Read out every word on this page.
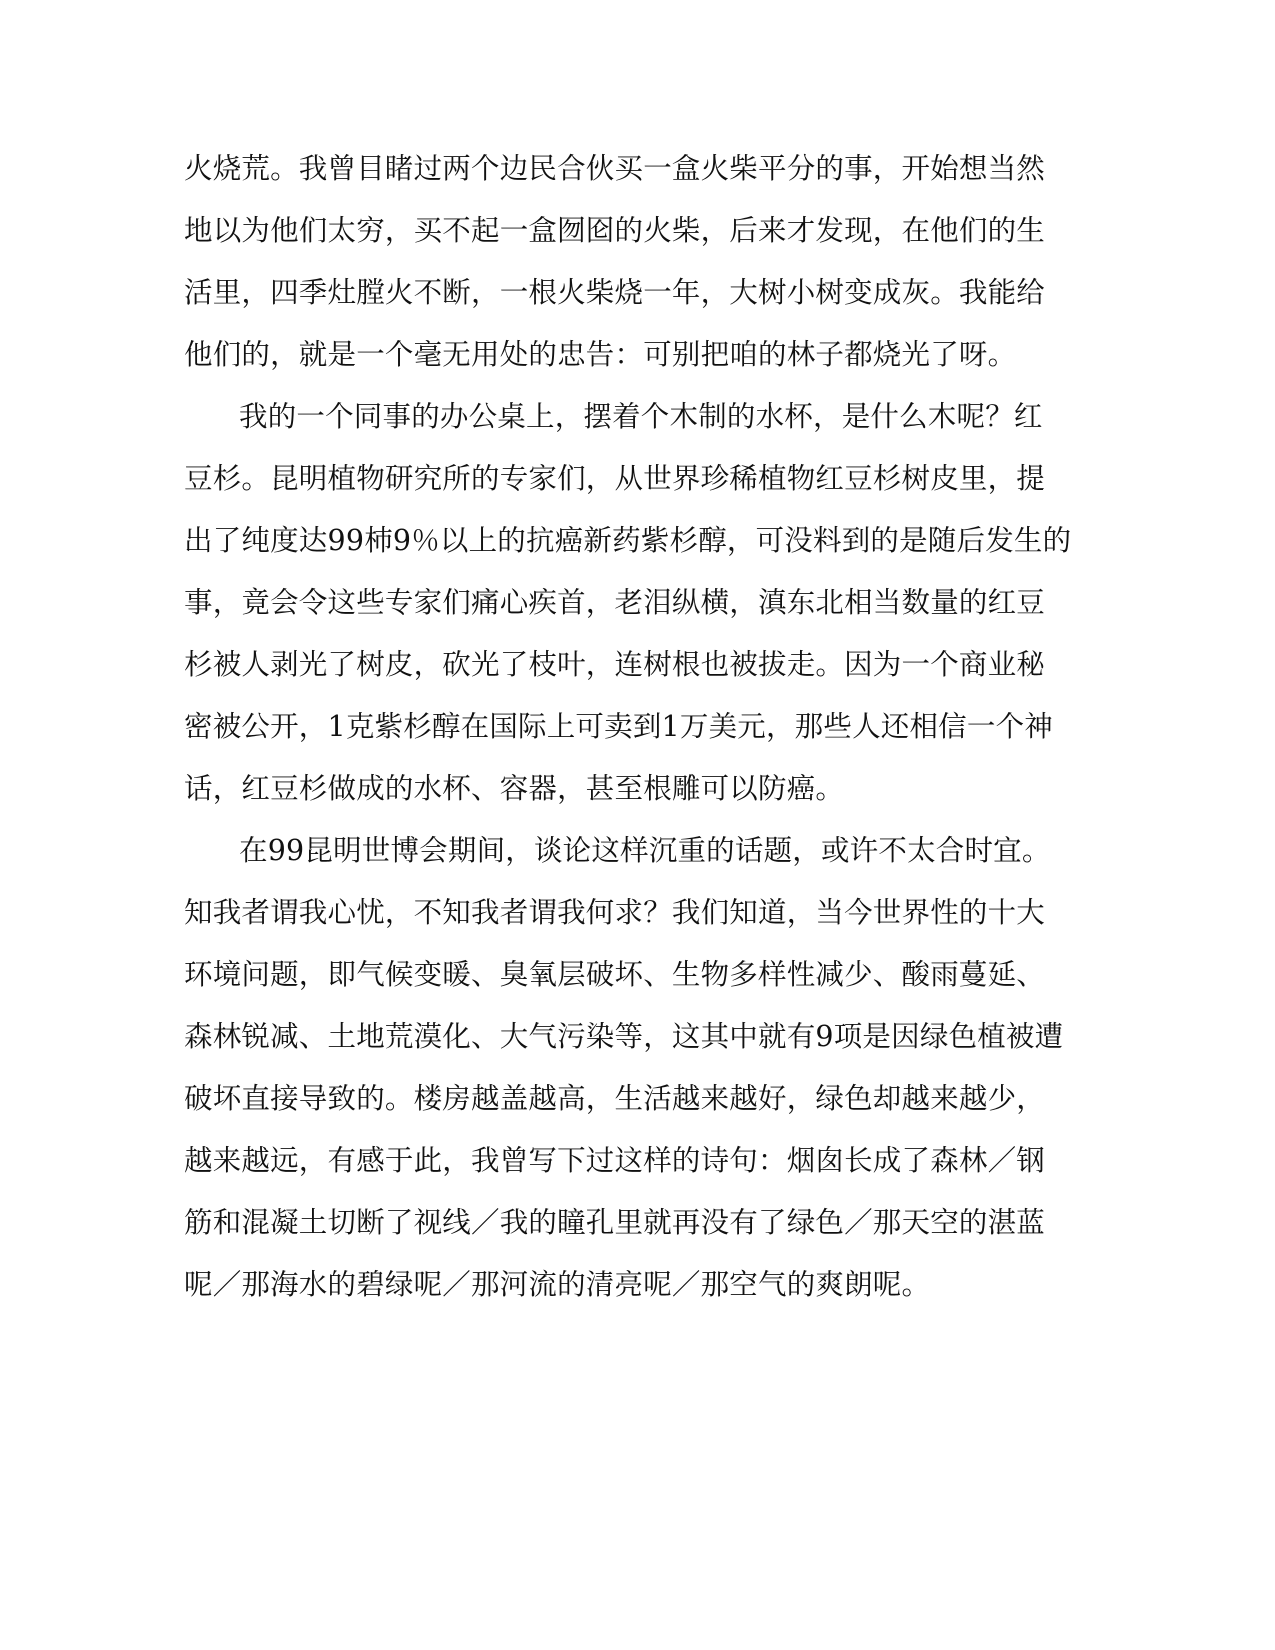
火烧荒。我曾目睹过两个边民合伙买一盒火柴平分的事，开始想当然
地以为他们太穷，买不起一盒囫囵的火柴，后来才发现，在他们的生
活里，四季灶膛火不断，一根火柴烧一年，大树小树变成灰。我能给
他们的，就是一个毫无用处的忠告：可别把咱的林子都烧光了呀。
我的一个同事的办公桌上，摆着个木制的水杯，是什么木呢？红
豆杉。昆明植物研究所的专家们，从世界珍稀植物红豆杉树皮里，提
出了纯度达99杮9％以上的抗癌新药紫杉醇，可没料到的是随后发生的
事，竟会令这些专家们痛心疾首，老泪纵横，滇东北相当数量的红豆
杉被人剥光了树皮，砍光了枝叶，连树根也被拔走。因为一个商业秘
密被公开，1克紫杉醇在国际上可卖到1万美元，那些人还相信一个神
话，红豆杉做成的水杯、容器，甚至根雕可以防癌。
在99昆明世博会期间，谈论这样沉重的话题，或许不太合时宜。
知我者谓我心忧，不知我者谓我何求？我们知道，当今世界性的十大
环境问题，即气候变暖、臭氧层破坏、生物多样性减少、酸雨蔓延、
森林锐减、土地荒漠化、大气污染等，这其中就有9项是因绿色植被遭
破坏直接导致的。楼房越盖越高，生活越来越好，绿色却越来越少，
越来越远，有感于此，我曾写下过这样的诗句：烟囱长成了森林／钢
筋和混凝土切断了视线／我的瞳孔里就再没有了绿色／那天空的湛蓝
呢／那海水的碧绿呢／那河流的清亮呢／那空气的爽朗呢。
